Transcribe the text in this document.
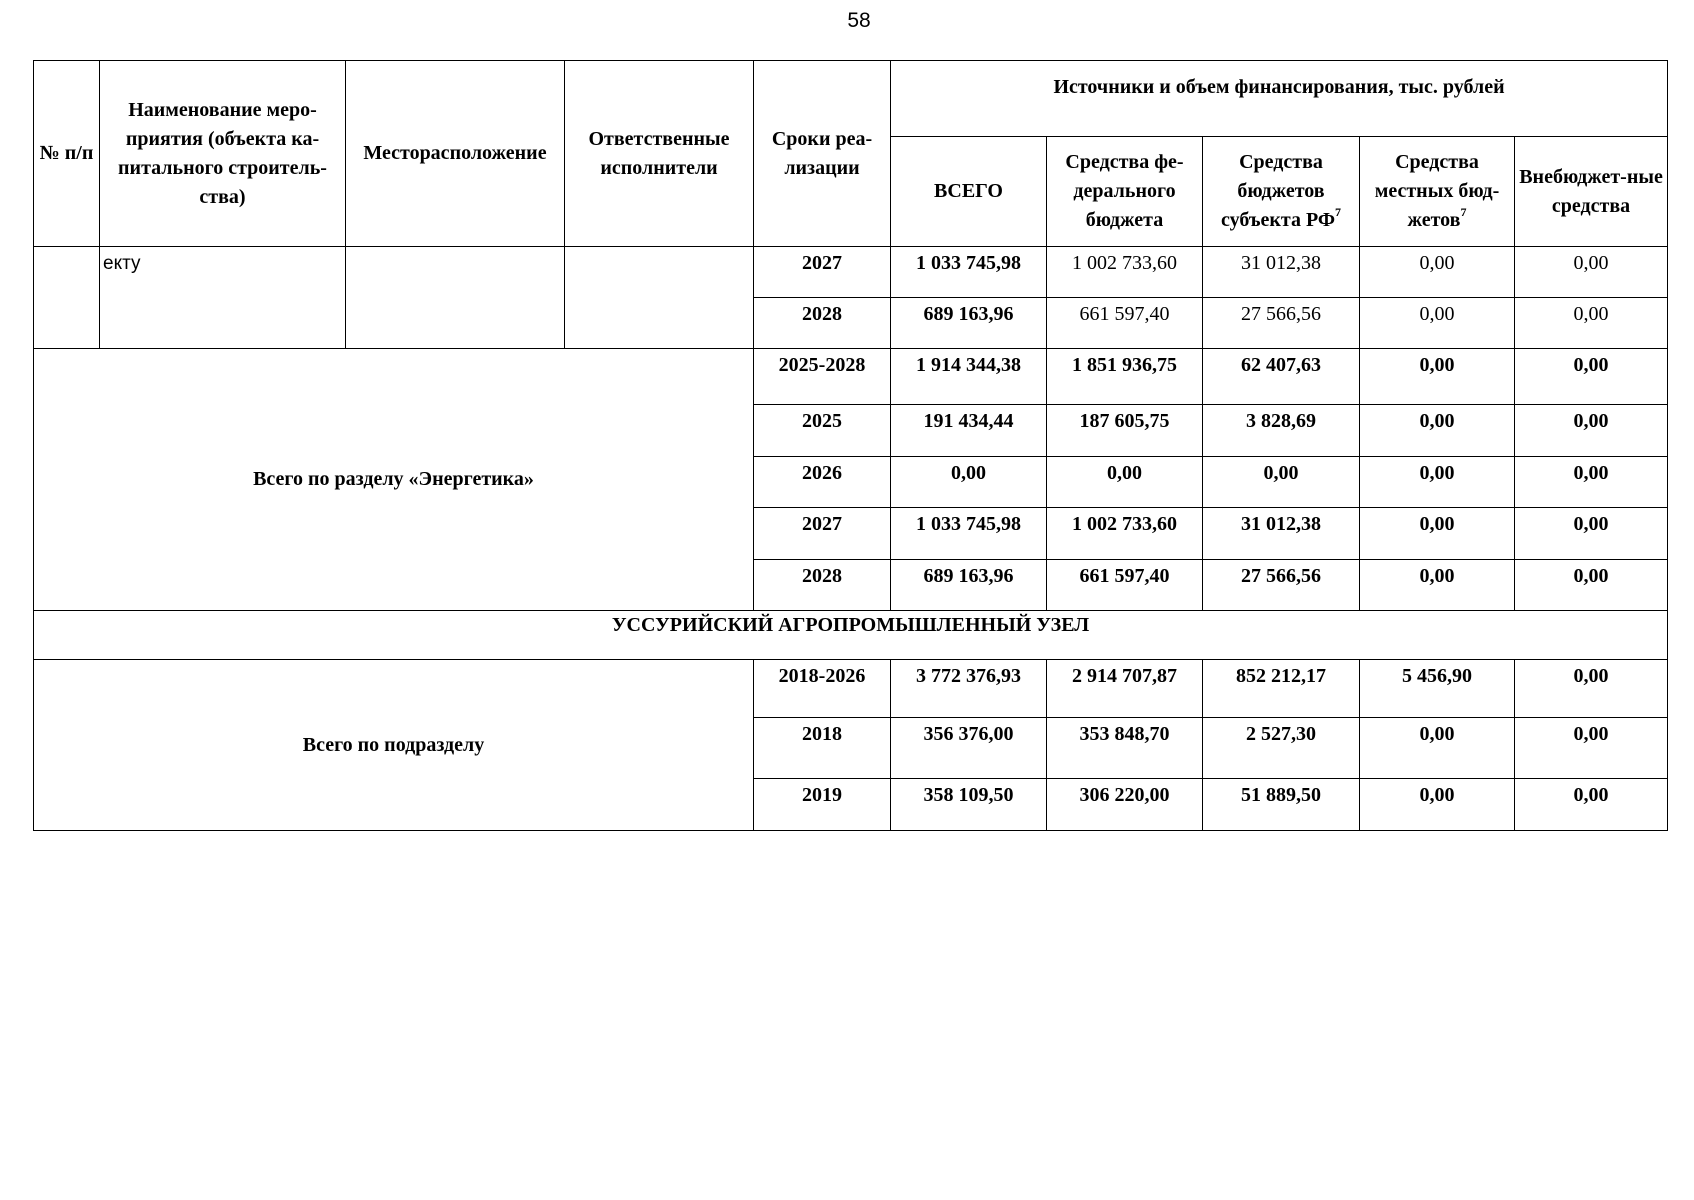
58
№ п/п	Наименование меро-приятия (объекта ка-питального строитель-ства)	Месторасположение	Ответственные исполнители	Сроки реа-лизации	Источники и объем финансирования, тыс. рублей				
					ВСЕГО	Средства фе-дерального бюджета	Средства бюджетов субъекта $РФ^7$	Средства местных бюд-жетов$^7$	Внебюджет-ные средства
	екту			2027	1 033 745,98	1 002 733,60	31 012,38	0,00	0,00
				2028	689 163,96	661 597,40	27 566,56	0,00	0,00
Всего по разделу «Энергетика»				2025-2028	1 914 344,38	1 851 936,75	62 407,63	0,00	0,00
				2025	191 434,44	187 605,75	3 828,69	0,00	0,00
				2026	0,00	0,00	0,00	0,00	0,00
				2027	1 033 745,98	1 002 733,60	31 012,38	0,00	0,00
				2028	689 163,96	661 597,40	27 566,56	0,00	0,00
УССУРИЙСКИЙ АГРОПРОМЫШЛЕННЫЙ УЗЕЛ									
Всего по подразделу				2018-2026	3 772 376,93	2 914 707,87	852 212,17	5 456,90	0,00
				2018	356 376,00	353 848,70	2 527,30	0,00	0,00
				2019	358 109,50	306 220,00	51 889,50	0,00	0,00
